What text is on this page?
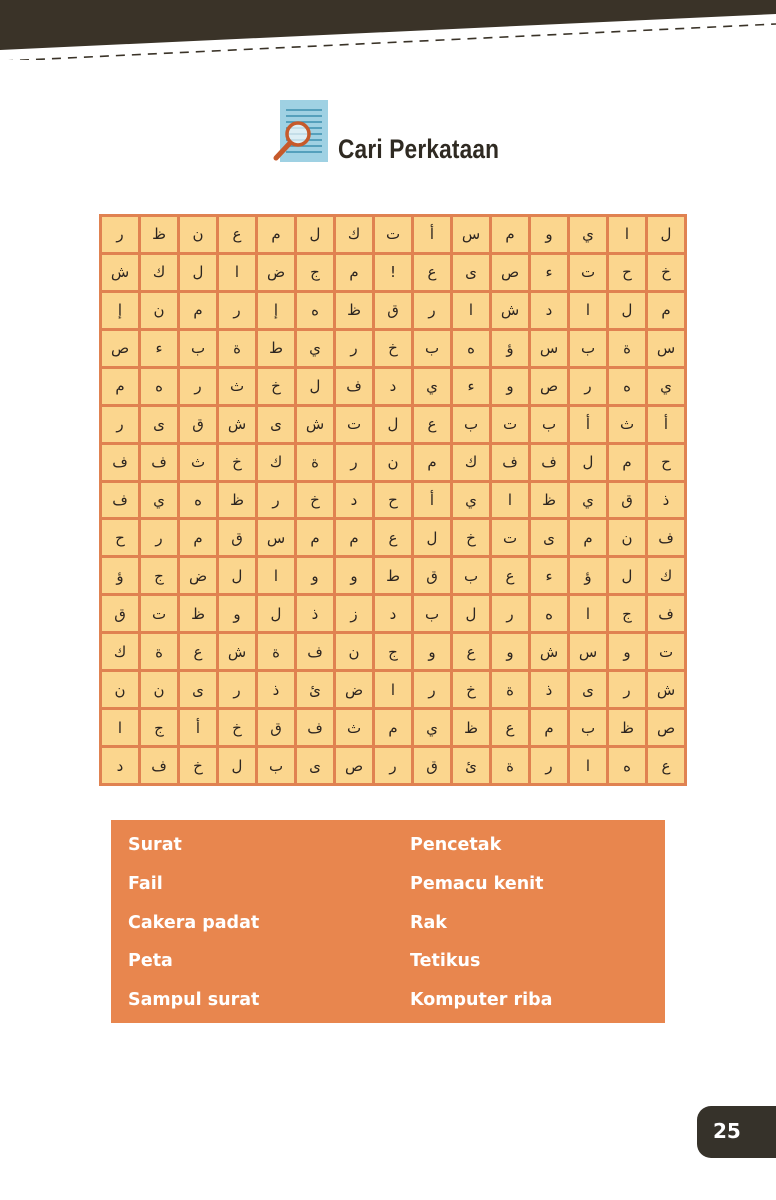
Cari Perkataan
ل
ا
ي
و
م
س
أ
ت
ك
ل
م
ع
ن
ظ
ر
خ
ح
ت
ء
ص
ى
ع
!
م
ج
ض
ا
ل
ك
ش
م
ل
ا
د
ش
ا
ر
ق
ظ
ه
إ
ر
م
ن
إ
س
ة
ب
س
ؤ
ه
ب
خ
ر
ي
ط
ة
ب
ء
ص
ي
ه
ر
ص
و
ء
ي
د
ف
ل
خ
ث
ر
ه
م
أ
ث
أ
ب
ت
ب
ع
ل
ت
ش
ى
ش
ق
ى
ر
ح
م
ل
ف
ف
ك
م
ن
ر
ة
ك
خ
ث
ف
ف
ذ
ق
ي
ظ
ا
ي
أ
ح
د
خ
ر
ظ
ه
ي
ف
ف
ن
م
ى
ت
خ
ل
ع
م
م
س
ق
م
ر
ح
ك
ل
ؤ
ء
ع
ب
ق
ط
و
و
ا
ل
ض
ج
ؤ
ف
ج
ا
ه
ر
ل
ب
د
ز
ذ
ل
و
ظ
ت
ق
ت
و
س
ش
و
ع
و
ج
ن
ف
ة
ش
ع
ة
ك
ش
ر
ى
ذ
ة
خ
ر
ا
ض
ئ
ذ
ر
ى
ن
ن
ص
ظ
ب
م
ع
ظ
ي
م
ث
ف
ق
خ
أ
ج
ا
ع
ه
ا
ر
ة
ئ
ق
ر
ص
ى
ب
ل
خ
ف
د
Surat
Fail
Cakera padat
Peta
Sampul surat
Pencetak
Pemacu kenit
Rak
Tetikus
Komputer riba
25
